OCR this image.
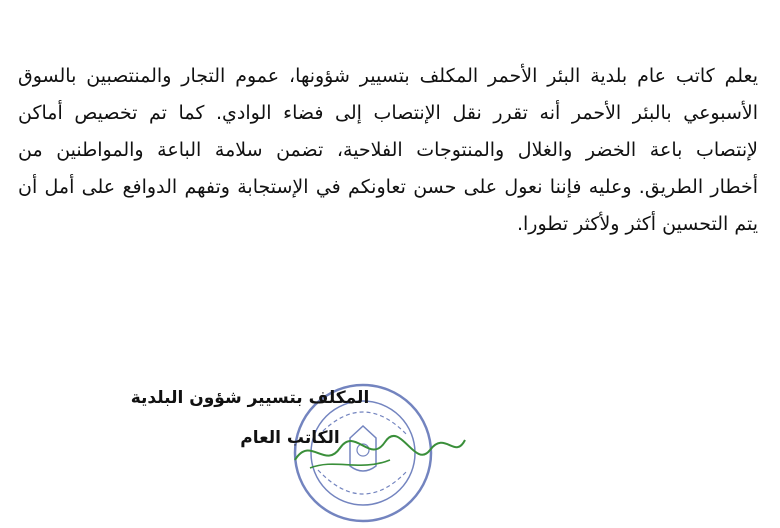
يعلم كاتب عام بلدية البئر الأحمر المكلف بتسيير شؤونها، عموم التجار والمنتصبين بالسوق
الأسبوعي بالبئر الأحمر أنه تقرر نقل الإنتصاب إلى فضاء الوادي. كما تم تخصيص أماكن
لإنتصاب باعة الخضر والغلال والمنتوجات الفلاحية، تضمن سلامة الباعة والمواطنين من
أخطار الطريق. وعليه فإننا نعول على حسن تعاونكم في الإستجابة وتفهم الدوافع على أمل أن
يتم التحسين أكثر ولأكثر تطورا.
المكلف بتسيير شؤون البلدية
الكاتب العام
